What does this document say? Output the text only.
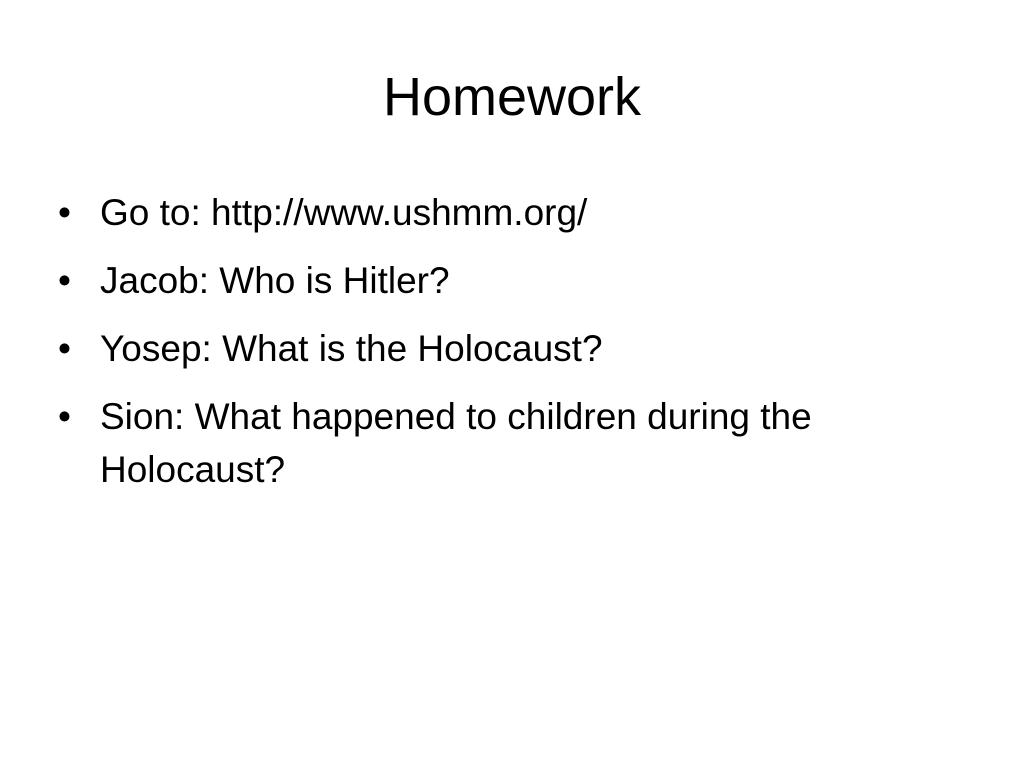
Homework
• Go to: http://www.ushmm.org/
• Jacob: Who is Hitler?
• Yosep: What is the Holocaust?
• Sion: What happened to children during the Holocaust?
